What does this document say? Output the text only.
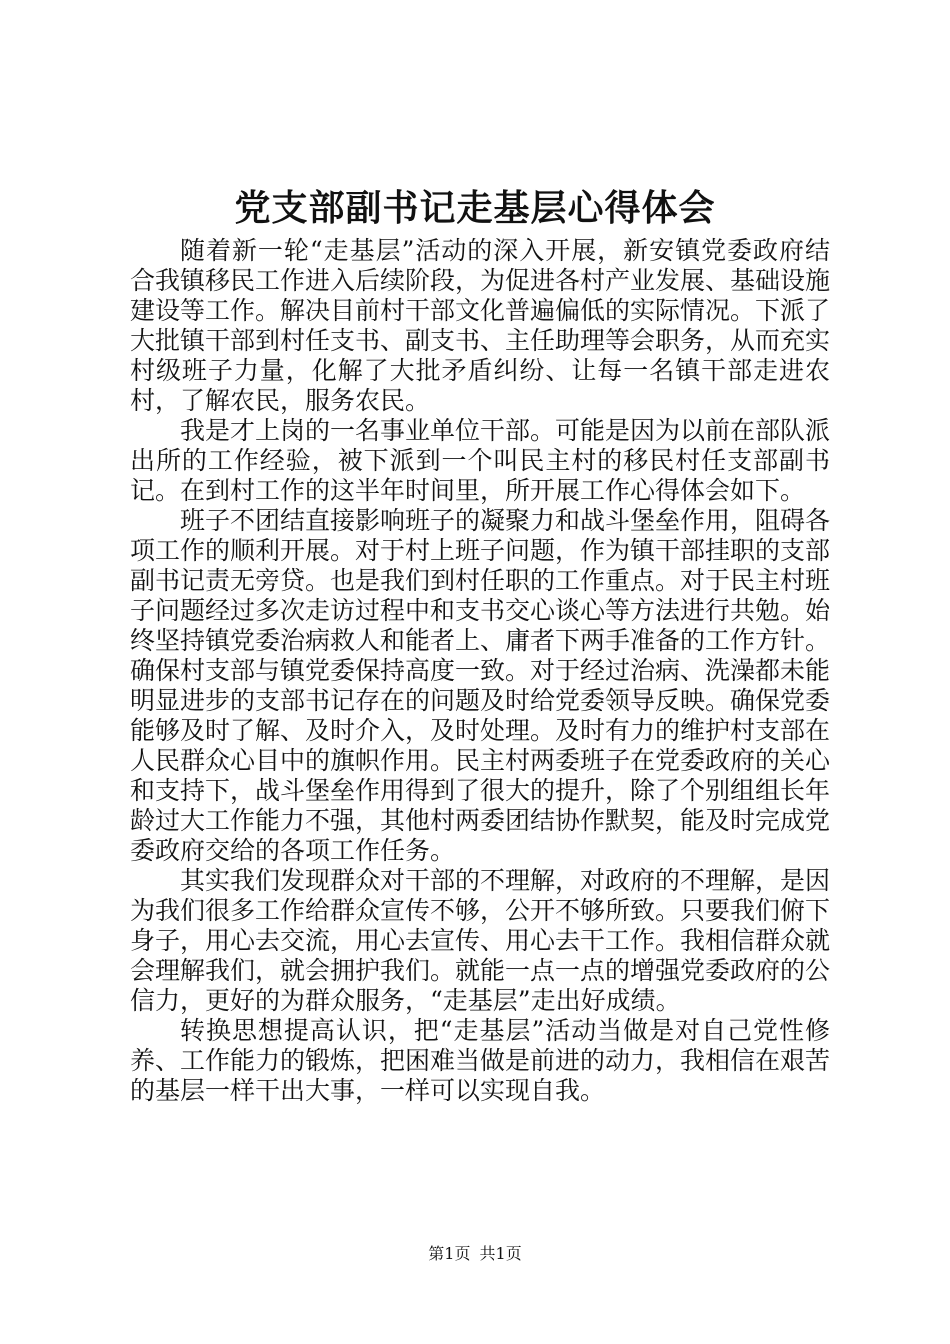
党支部副书记走基层心得体会

随着新一轮“走基层”活动的深入开展，新安镇党委政府结合我镇移民工作进入后续阶段，为促进各村产业发展、基础设施建设等工作。解决目前村干部文化普遍偏低的实际情况。下派了大批镇干部到村任支书、副支书、主任助理等会职务，从而充实村级班子力量，化解了大批矛盾纠纷、让每一名镇干部走进农村，了解农民，服务农民。

我是才上岗的一名事业单位干部。可能是因为以前在部队派出所的工作经验，被下派到一个叫民主村的移民村任支部副书记。在到村工作的这半年时间里，所开展工作心得体会如下。

班子不团结直接影响班子的凝聚力和战斗堡垒作用，阻碍各项工作的顺利开展。对于村上班子问题，作为镇干部挂职的支部副书记责无旁贷。也是我们到村任职的工作重点。对于民主村班子问题经过多次走访过程中和支书交心谈心等方法进行共勉。始终坚持镇党委治病救人和能者上、庸者下两手准备的工作方针。确保村支部与镇党委保持高度一致。对于经过治病、洗澡都未能明显进步的支部书记存在的问题及时给党委领导反映。确保党委能够及时了解、及时介入，及时处理。及时有力的维护村支部在人民群众心目中的旗帜作用。民主村两委班子在党委政府的关心和支持下，战斗堡垒作用得到了很大的提升，除了个别组组长年龄过大工作能力不强，其他村两委团结协作默契，能及时完成党委政府交给的各项工作任务。

其实我们发现群众对干部的不理解，对政府的不理解，是因为我们很多工作给群众宣传不够，公开不够所致。只要我们俯下身子，用心去交流，用心去宣传、用心去干工作。我相信群众就会理解我们，就会拥护我们。就能一点一点的增强党委政府的公信力，更好的为群众服务，“走基层”走出好成绩。

转换思想提高认识，把“走基层”活动当做是对自己党性修养、工作能力的锻炼，把困难当做是前进的动力，我相信在艰苦的基层一样干出大事，一样可以实现自我。

第1页 共1页
